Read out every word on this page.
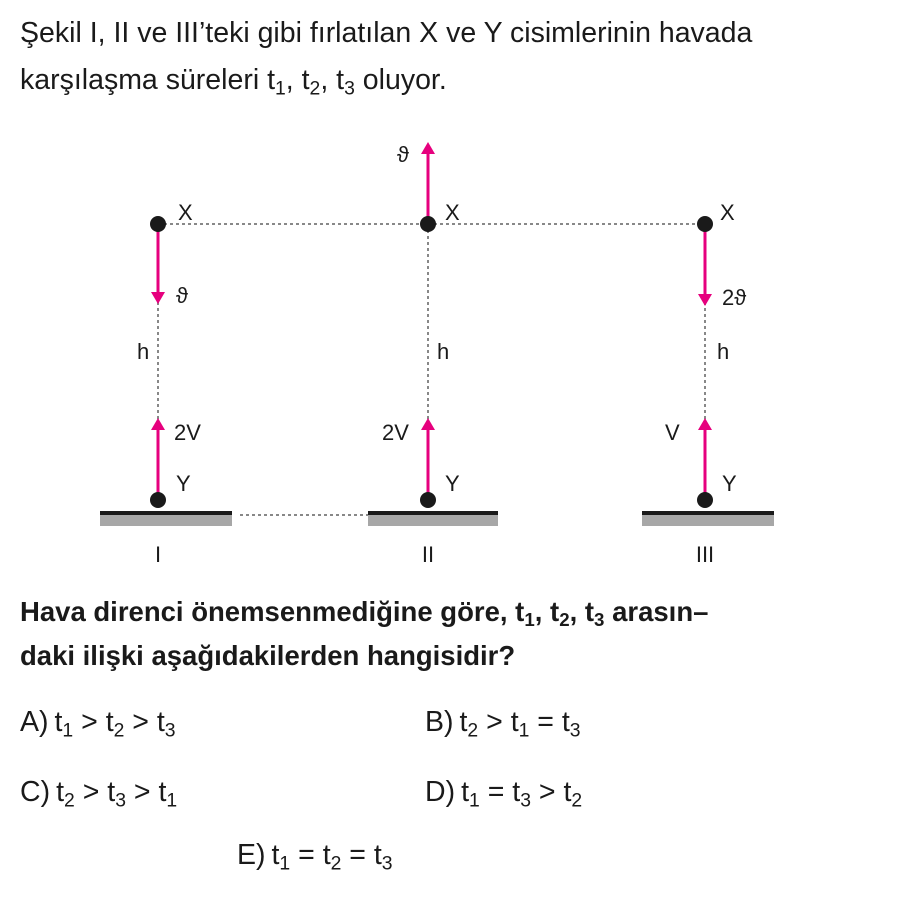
Şekil I, II ve III’teki gibi fırlatılan X ve Y cisimlerinin havada
karşılaşma süreleri $t_1$, $t_2$, $t_3$ oluyor.

X
ϑ
h
2V
Y
I
ϑ
X
h
2V
Y
II
X
2ϑ
h
V
Y
III

Hava direnci önemsenmediğine göre, $t_1$, $t_2$, $t_3$ arasın–
daki ilişki aşağıdakilerden hangisidir?

A) $t_1 > t_2 > t_3$	B) $t_2 > t_1 = t_3$
C) $t_2 > t_3 > t_1$	D) $t_1 = t_3 > t_2$
E) $t_1 = t_2 = t_3$
